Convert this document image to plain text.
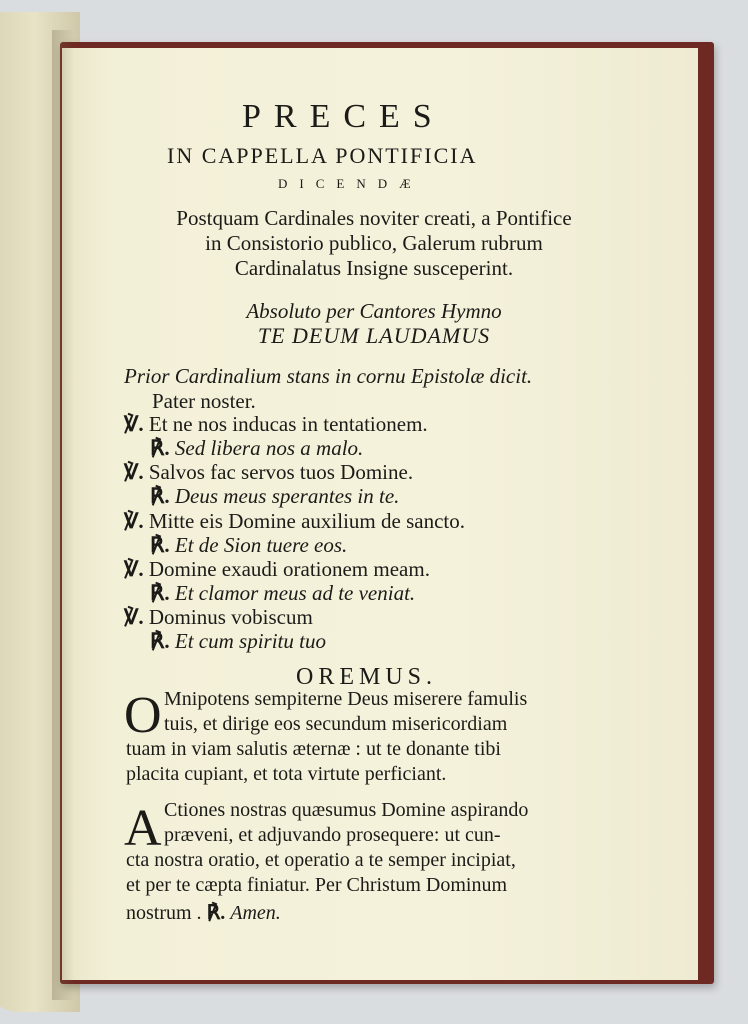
PRECES
IN CAPPELLA PONTIFICIA
DICENDÆ
Postquam Cardinales noviter creati, a Pontifice
in Consistorio publico, Galerum rubrum
Cardinalatus Insigne susceperint.
Absoluto per Cantores Hymno
TE DEUM LAUDAMUS
Prior Cardinalium stans in cornu Epistolæ dicit.
Pater noster.
℣. Et ne nos inducas in tentationem.
℟. Sed libera nos a malo.
℣. Salvos fac servos tuos Domine.
℟. Deus meus sperantes in te.
℣. Mitte eis Domine auxilium de sancto.
℟. Et de Sion tuere eos.
℣. Domine exaudi orationem meam.
℟. Et clamor meus ad te veniat.
℣. Dominus vobiscum
℟. Et cum spiritu tuo
OREMUS.
O Mnipotens sempiterne Deus miserere famulis
tuis, et dirige eos secundum misericordiam
tuam in viam salutis æternæ : ut te donante tibi
placita cupiant, et tota virtute perficiant.
A Ctiones nostras quæsumus Domine aspirando
præveni, et adjuvando prosequere: ut cun-
cta nostra oratio, et operatio a te semper incipiat,
et per te cæpta finiatur. Per Christum Dominum
nostrum . ℟. Amen.
